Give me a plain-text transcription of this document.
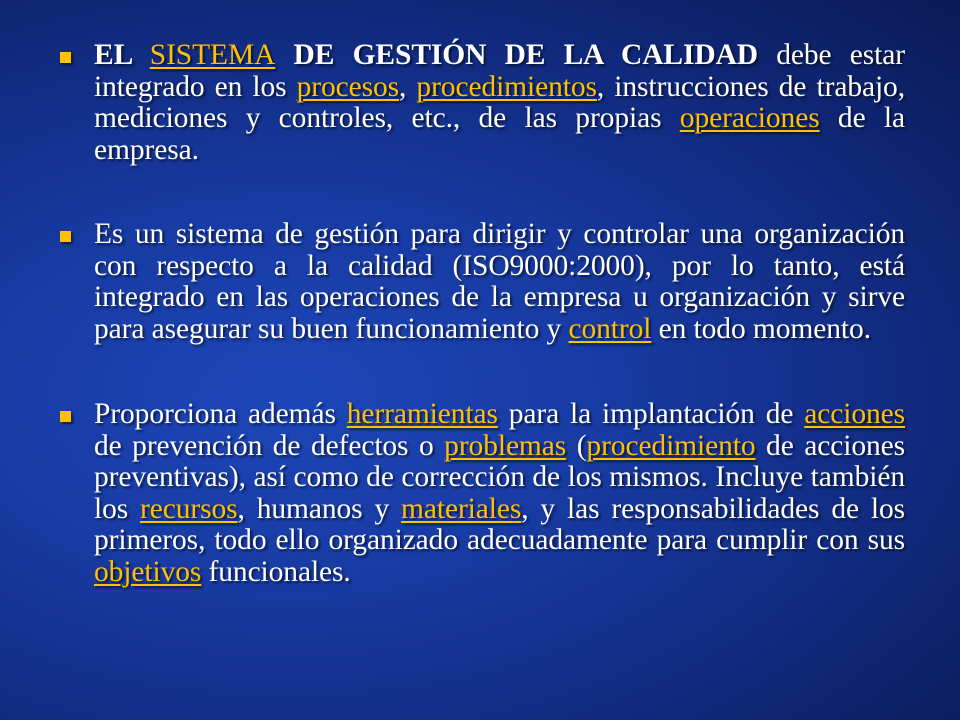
EL SISTEMA DE GESTIÓN DE LA CALIDAD debe estar integrado en los procesos, procedimientos, instrucciones de trabajo, mediciones y controles, etc., de las propias operaciones de la empresa.
Es un sistema de gestión para dirigir y controlar una organización con respecto a la calidad (ISO9000:2000), por lo tanto, está integrado en las operaciones de la empresa u organización y sirve para asegurar su buen funcionamiento y control en todo momento.
Proporciona además herramientas para la implantación de acciones de prevención de defectos o problemas (procedimiento de acciones preventivas), así como de corrección de los mismos. Incluye también los recursos, humanos y materiales, y las responsabilidades de los primeros, todo ello organizado adecuadamente para cumplir con sus objetivos funcionales.
